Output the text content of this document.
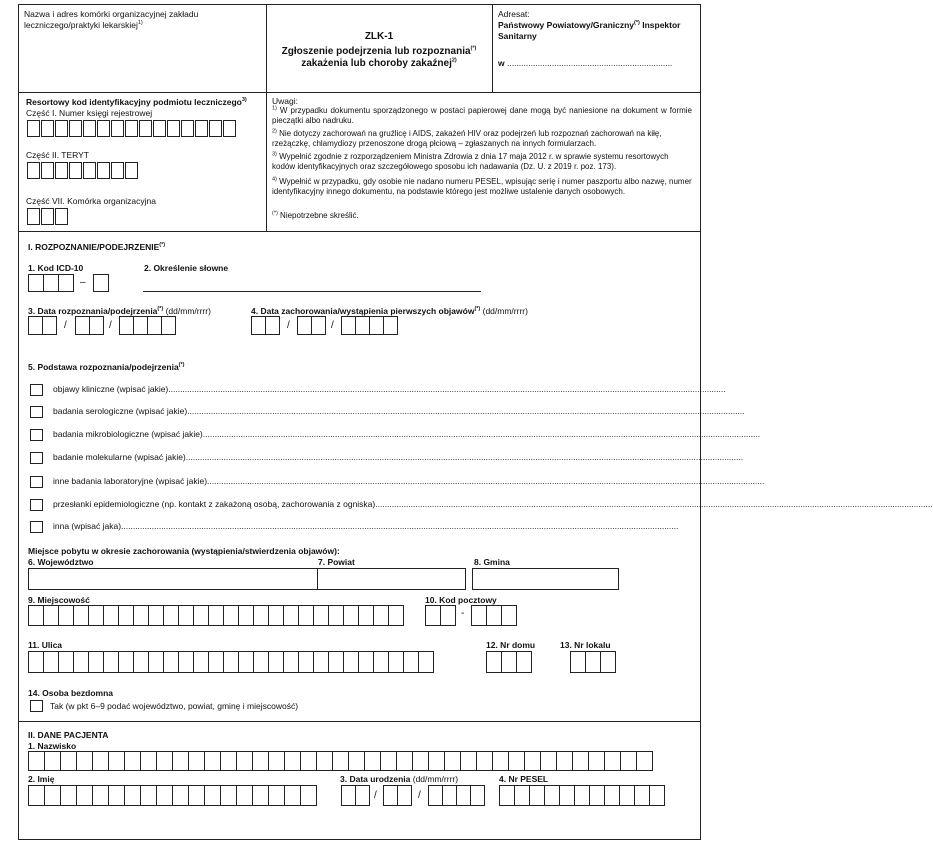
Nazwa i adres komórki organizacyjnej zakładu leczniczego/praktyki lekarskiej$^{1)}$
ZLK-1
Zgłoszenie podejrzenia lub rozpoznania(*)
zakażenia lub choroby zakaźnej$^{2)}$
Adresat:
Państwowy Powiatowy/Graniczny(*) Inspektor
Sanitarny
w ......................................................................
Resortowy kod identyfikacyjny podmiotu leczniczego$^{3)}$
Część I. Numer księgi rejestrowej
Część II. TERYT
Część VII. Komórka organizacyjna
Uwagi:
$^{1)}$ W przypadku dokumentu sporządzonego w postaci papierowej dane mogą być naniesione na dokument w formie pieczątki albo nadruku.
$^{2)}$ Nie dotyczy zachorowań na gruźlicę i AIDS, zakażeń HIV oraz podejrzeń lub rozpoznań zachorowań na kiłę, rzeżączkę, chlamydiozy przenoszone drogą płciową – zgłaszanych na innych formularzach.
$^{3)}$ Wypełnić zgodnie z rozporządzeniem Ministra Zdrowia z dnia 17 maja 2012 r. w sprawie systemu resortowych kodów identyfikacyjnych oraz szczegółowego sposobu ich nadawania (Dz. U. z 2019 r. poz. 173).
$^{4)}$ Wypełnić w przypadku, gdy osobie nie nadano numeru PESEL, wpisując serię i numer paszportu albo nazwę, numer identyfikacyjny innego dokumentu, na podstawie którego jest możliwe ustalenie danych osobowych.
(*) Niepotrzebne skreślić.
I. ROZPOZNANIE/PODEJRZENIE(*)
1. Kod ICD-10
–
2. Określenie słowne
3. Data rozpoznania/podejrzenia(*) (dd/mm/rrrr)
/	/
4. Data zachorowania/wystąpienia pierwszych objawów(*) (dd/mm/rrrr)
/	/
5. Podstawa rozpoznania/podejrzenia(*)
objawy kliniczne (wpisać jakie)............................................................................................................................................................................................................................................
badania serologiczne (wpisać jakie)............................................................................................................................................................................................................................................
badania mikrobiologiczne (wpisać jakie)............................................................................................................................................................................................................................................
badanie molekularne (wpisać jakie)............................................................................................................................................................................................................................................
inne badania laboratoryjne (wpisać jakie)............................................................................................................................................................................................................................................
przesłanki epidemiologiczne (np. kontakt z zakażoną osobą, zachorowania z ogniska)............................................................................................................................................................................................................................................
inna (wpisać jaka)............................................................................................................................................................................................................................................
Miejsce pobytu w okresie zachorowania (wystąpienia/stwierdzenia objawów):
6. Województwo	7. Powiat	8. Gmina
9. Miejscowość	10. Kod pocztowy
-
11. Ulica	12. Nr domu	13. Nr lokalu
14. Osoba bezdomna
Tak (w pkt 6–9 podać województwo, powiat, gminę i miejscowość)
II. DANE PACJENTA
1. Nazwisko
2. Imię	3. Data urodzenia (dd/mm/rrrr)
/	/
4. Nr PESEL
